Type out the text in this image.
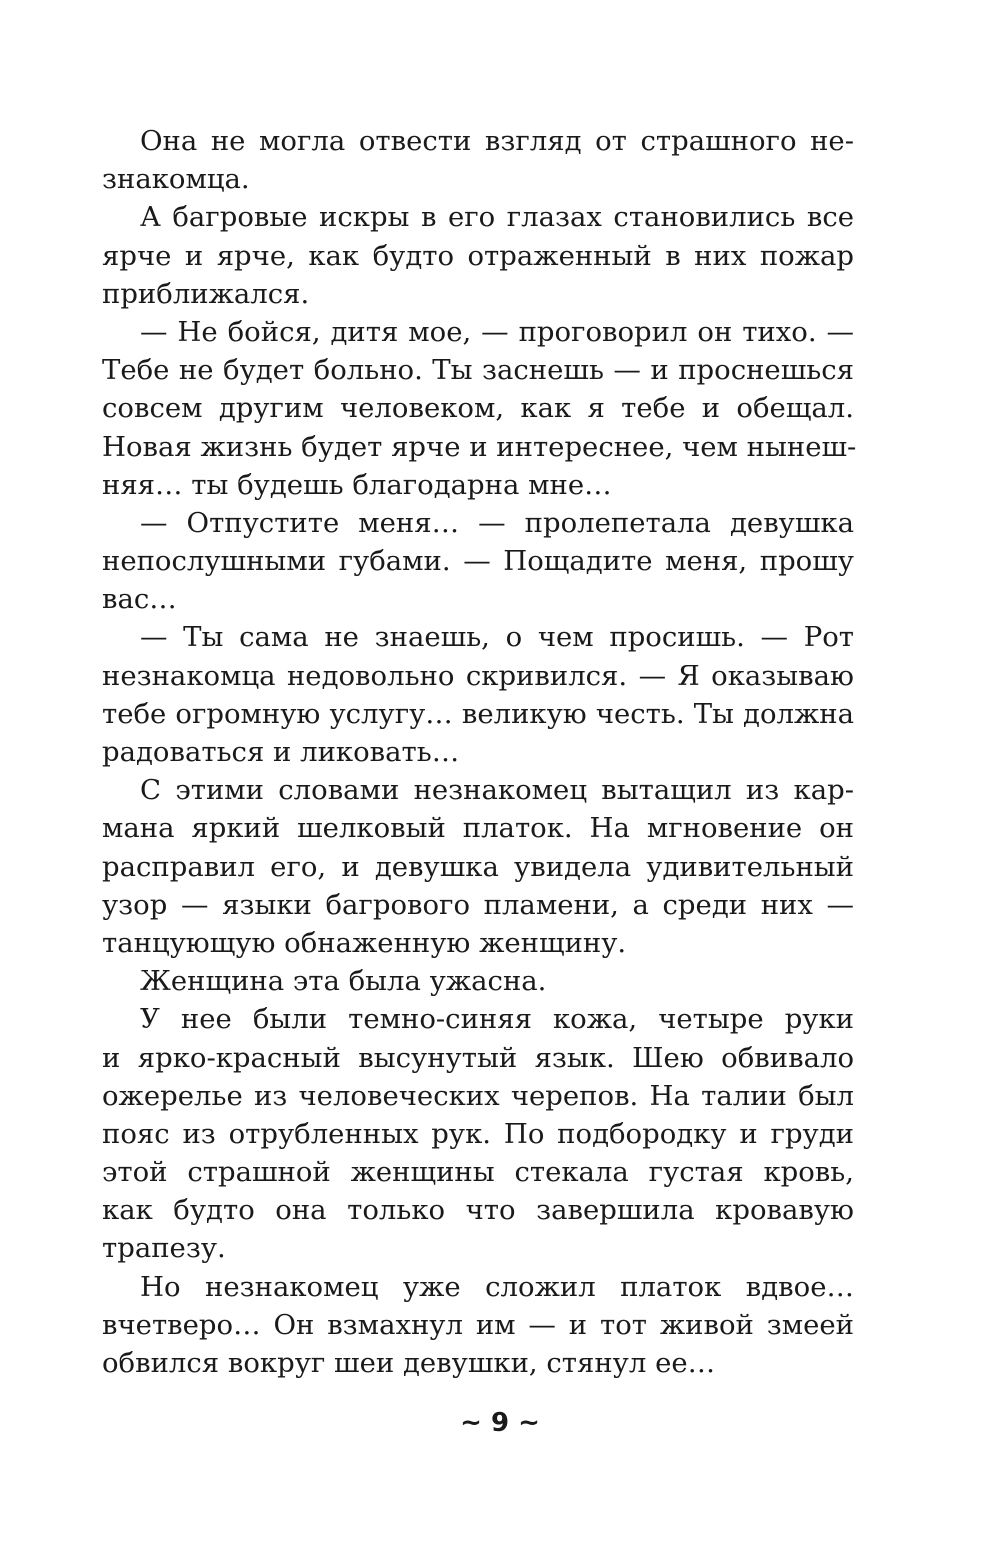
Она не могла отвести взгляд от страшного не-
знакомца.
А багровые искры в его глазах становились все
ярче и ярче, как будто отраженный в них пожар
приближался.
— Не бойся, дитя мое, — проговорил он тихо. —
Тебе не будет больно. Ты заснешь — и проснешься
совсем другим человеком, как я тебе и обещал.
Новая жизнь будет ярче и интереснее, чем нынеш-
няя… ты будешь благодарна мне…
— Отпустите меня… — пролепетала девушка
непослушными губами. — Пощадите меня, прошу
вас…
— Ты сама не знаешь, о чем просишь. — Рот
незнакомца недовольно скривился. — Я оказываю
тебе огромную услугу… великую честь. Ты должна
радоваться и ликовать…
С этими словами незнакомец вытащил из кар-
мана яркий шелковый платок. На мгновение он
расправил его, и девушка увидела удивительный
узор — языки багрового пламени, а среди них —
танцующую обнаженную женщину.
Женщина эта была ужасна.
У нее были темно-синяя кожа, четыре руки
и ярко-красный высунутый язык. Шею обвивало
ожерелье из человеческих черепов. На талии был
пояс из отрубленных рук. По подбородку и груди
этой страшной женщины стекала густая кровь,
как будто она только что завершила кровавую
трапезу.
Но незнакомец уже сложил платок вдвое…
вчетверо… Он взмахнул им — и тот живой змеей
обвился вокруг шеи девушки, стянул ее…
~ 9 ~
